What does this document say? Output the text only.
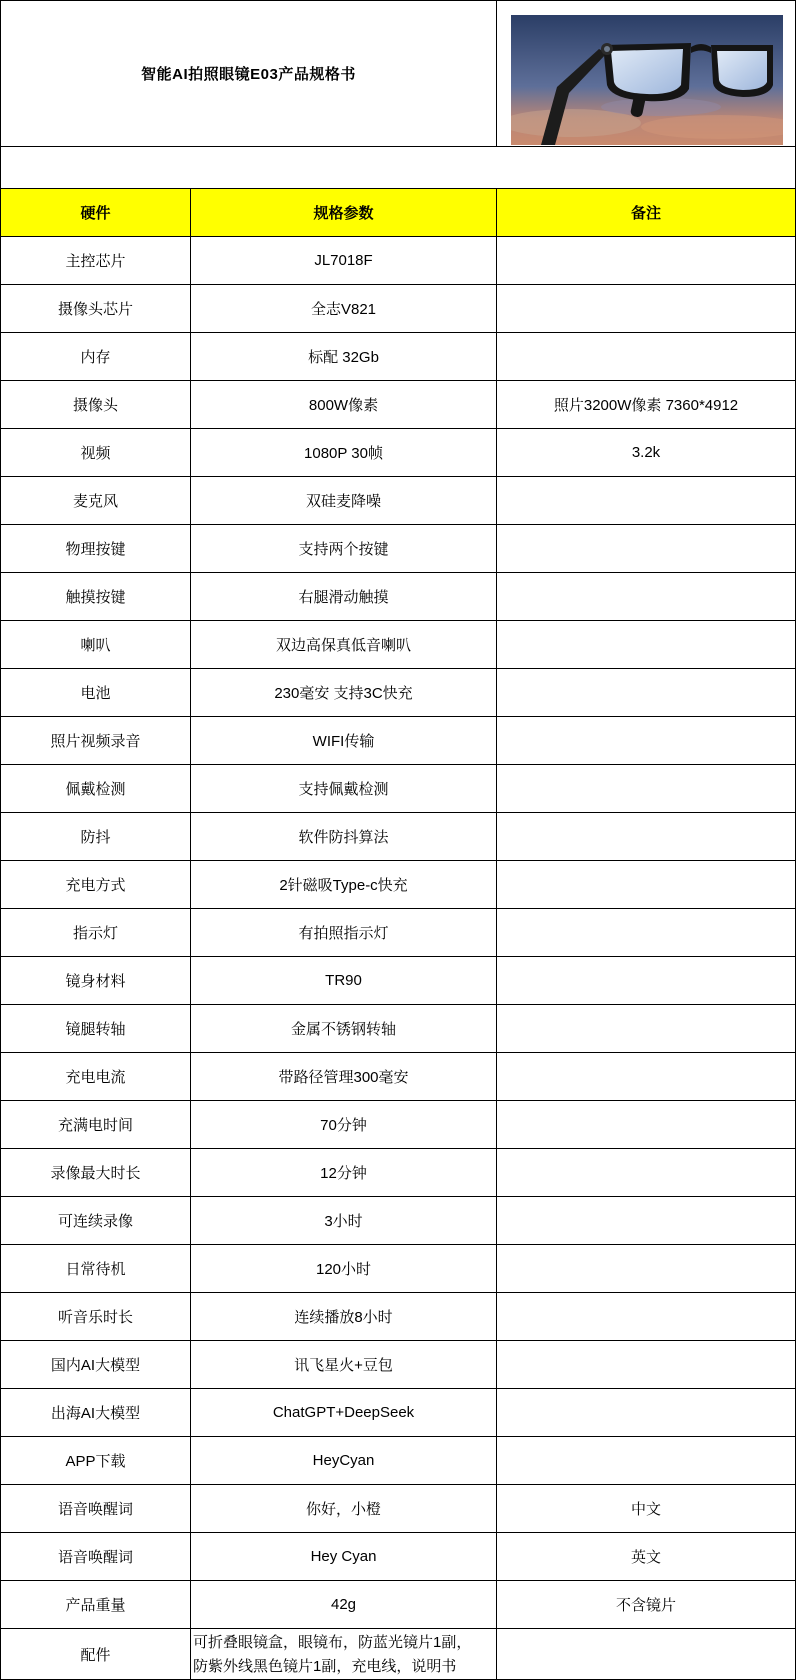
智能AI拍照眼镜E03产品规格书	

硬件	规格参数	备注
主控芯片	JL7018F	
摄像头芯片	全志V821	
内存	标配 32Gb	
摄像头	800W像素	照片3200W像素 7360*4912
视频	1080P 30帧	3.2k
麦克风	双硅麦降噪	
物理按键	支持两个按键	
触摸按键	右腿滑动触摸	
喇叭	双边高保真低音喇叭	
电池	230毫安 支持3C快充	
照片视频录音	WIFI传输	
佩戴检测	支持佩戴检测	
防抖	软件防抖算法	
充电方式	2针磁吸Type-c快充	
指示灯	有拍照指示灯	
镜身材料	TR90	
镜腿转轴	金属不锈钢转轴	
充电电流	带路径管理300毫安	
充满电时间	70分钟	
录像最大时长	12分钟	
可连续录像	3小时	
日常待机	120小时	
听音乐时长	连续播放8小时	
国内AI大模型	讯飞星火+豆包	
出海AI大模型	ChatGPT+DeepSeek	
APP下载	HeyCyan	
语音唤醒词	你好，小橙	中文
语音唤醒词	Hey Cyan	英文
产品重量	42g	不含镜片
配件	可折叠眼镜盒，眼镜布，防蓝光镜片1副，
防紫外线黑色镜片1副，充电线，说明书	
